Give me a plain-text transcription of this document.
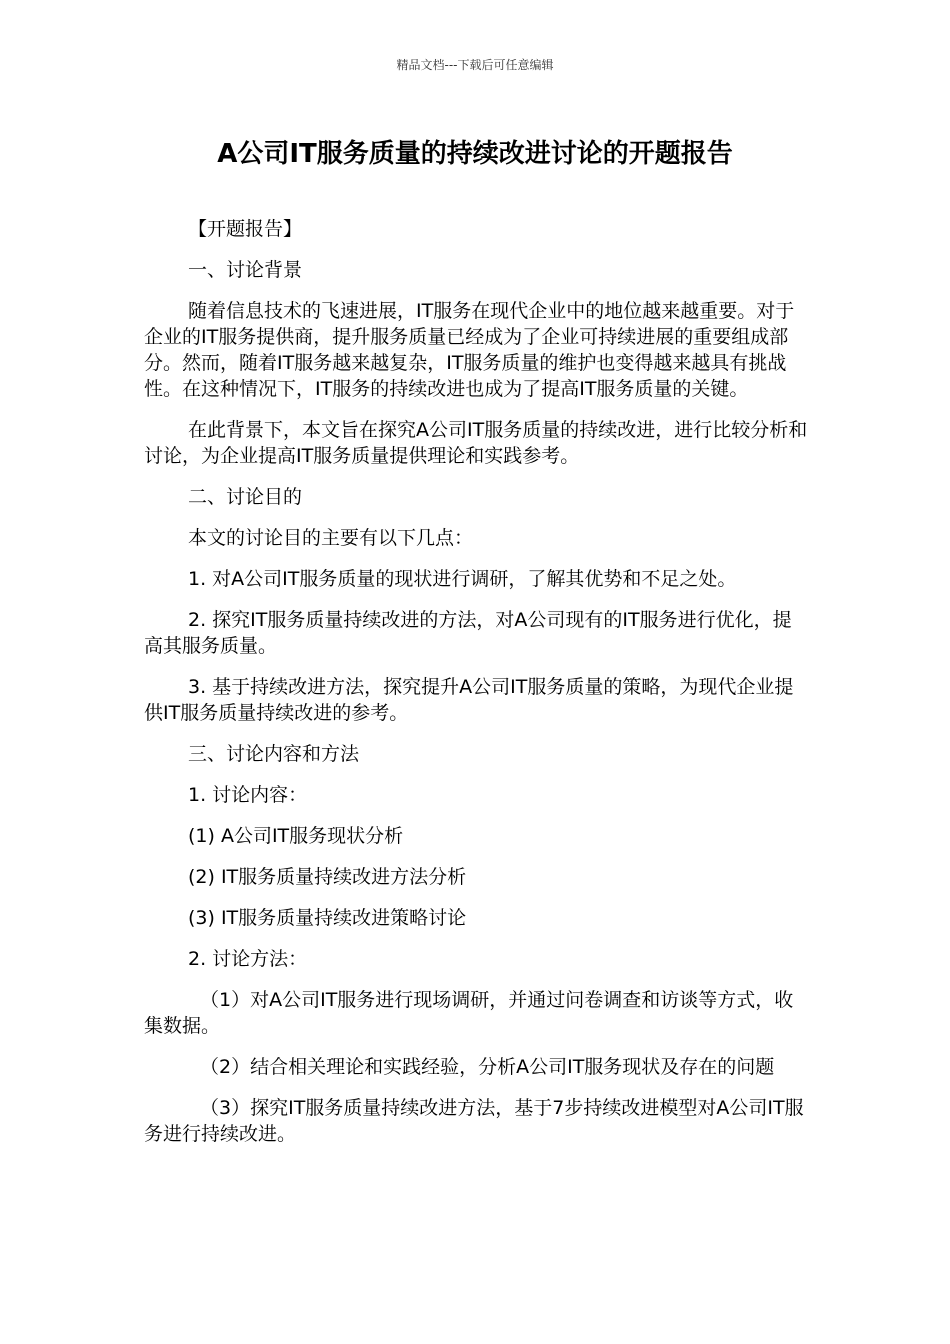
精品文档---下载后可任意编辑
A公司IT服务质量的持续改进讨论的开题报告

【开题报告】

一、讨论背景

随着信息技术的飞速进展，IT服务在现代企业中的地位越来越重要。对于企业的IT服务提供商，提升服务质量已经成为了企业可持续进展的重要组成部分。然而，随着IT服务越来越复杂，IT服务质量的维护也变得越来越具有挑战性。在这种情况下，IT服务的持续改进也成为了提高IT服务质量的关键。

在此背景下，本文旨在探究A公司IT服务质量的持续改进，进行比较分析和讨论，为企业提高IT服务质量提供理论和实践参考。

二、讨论目的

本文的讨论目的主要有以下几点：

1. 对A公司IT服务质量的现状进行调研，了解其优势和不足之处。

2. 探究IT服务质量持续改进的方法，对A公司现有的IT服务进行优化，提高其服务质量。

3. 基于持续改进方法，探究提升A公司IT服务质量的策略，为现代企业提供IT服务质量持续改进的参考。

三、讨论内容和方法

1. 讨论内容：

(1) A公司IT服务现状分析

(2) IT服务质量持续改进方法分析

(3) IT服务质量持续改进策略讨论

2. 讨论方法：

（1）对A公司IT服务进行现场调研，并通过问卷调查和访谈等方式，收集数据。

（2）结合相关理论和实践经验，分析A公司IT服务现状及存在的问题

（3）探究IT服务质量持续改进方法，基于7步持续改进模型对A公司IT服务进行持续改进。
